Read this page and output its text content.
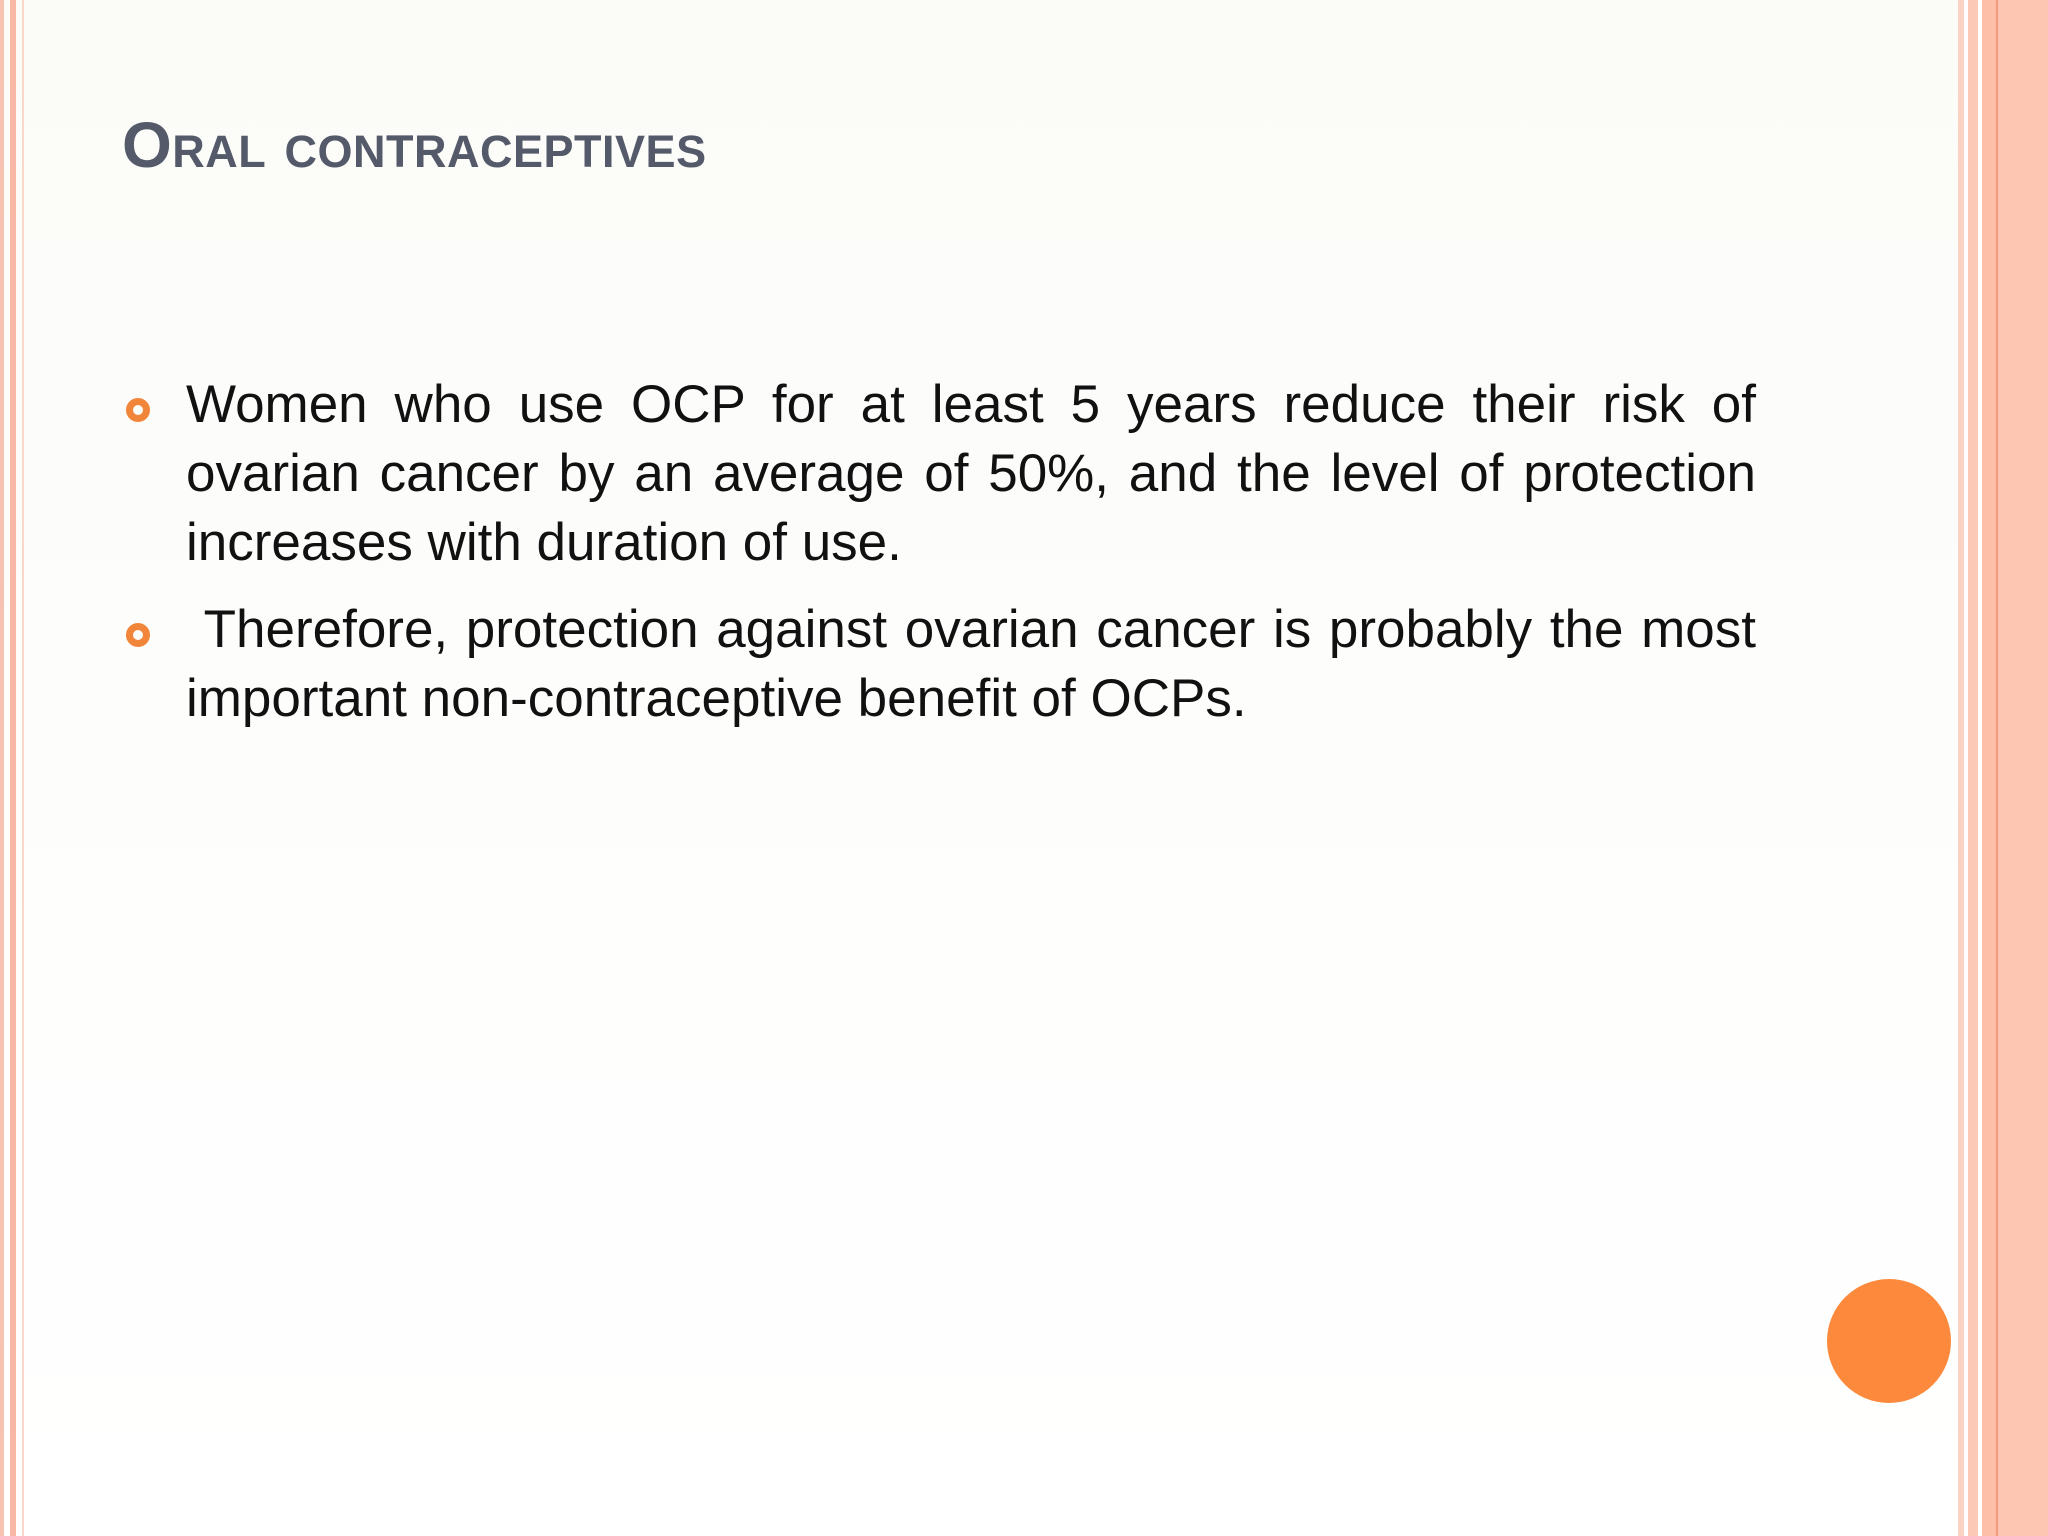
Oral contraceptives
Women who use OCP for at least 5 years reduce their risk of ovarian cancer by an average of 50%, and the level of protection increases with duration of use.
Therefore, protection against ovarian cancer is probably the most important non-contraceptive benefit of OCPs.
